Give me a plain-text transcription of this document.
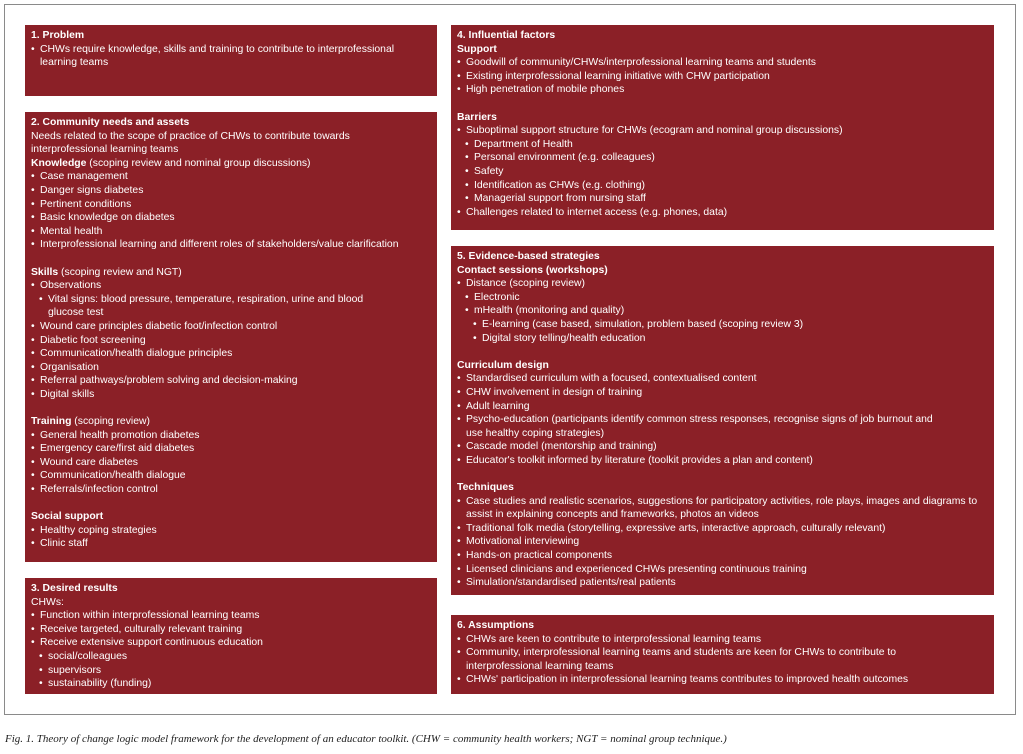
1. Problem
• CHWs require knowledge, skills and training to contribute to interprofessional learning teams
2. Community needs and assets
Needs related to the scope of practice of CHWs to contribute towards interprofessional learning teams
Knowledge (scoping review and nominal group discussions)
• Case management
• Danger signs diabetes
• Pertinent conditions
• Basic knowledge on diabetes
• Mental health
• Interprofessional learning and different roles of stakeholders/value clarification
Skills (scoping review and NGT)
• Observations
• Vital signs: blood pressure, temperature, respiration, urine and blood glucose test
• Wound care principles diabetic foot/infection control
• Diabetic foot screening
• Communication/health dialogue principles
• Organisation
• Referral pathways/problem solving and decision-making
• Digital skills
Training (scoping review)
• General health promotion diabetes
• Emergency care/first aid diabetes
• Wound care diabetes
• Communication/health dialogue
• Referrals/infection control
Social support
• Healthy coping strategies
• Clinic staff
3. Desired results
CHWs:
• Function within interprofessional learning teams
• Receive targeted, culturally relevant training
• Receive extensive support continuous education
• social/colleagues
• supervisors
• sustainability (funding)
4. Influential factors
Support
• Goodwill of community/CHWs/interprofessional learning teams and students
• Existing interprofessional learning initiative with CHW participation
• High penetration of mobile phones
Barriers
• Suboptimal support structure for CHWs (ecogram and nominal group discussions)
• Department of Health
• Personal environment (e.g. colleagues)
• Safety
• Identification as CHWs (e.g. clothing)
• Managerial support from nursing staff
• Challenges related to internet access (e.g. phones, data)
5. Evidence-based strategies
Contact sessions (workshops)
• Distance (scoping review)
• Electronic
• mHealth (monitoring and quality)
• E-learning (case based, simulation, problem based (scoping review 3)
• Digital story telling/health education
Curriculum design
• Standardised curriculum with a focused, contextualised content
• CHW involvement in design of training
• Adult learning
• Psycho-education (participants identify common stress responses, recognise signs of job burnout and use healthy coping strategies)
• Cascade model (mentorship and training)
• Educator's toolkit informed by literature (toolkit provides a plan and content)
Techniques
• Case studies and realistic scenarios, suggestions for participatory activities, role plays, images and diagrams to assist in explaining concepts and frameworks, photos an videos
• Traditional folk media (storytelling, expressive arts, interactive approach, culturally relevant)
• Motivational interviewing
• Hands-on practical components
• Licensed clinicians and experienced CHWs presenting continuous training
• Simulation/standardised patients/real patients
6. Assumptions
• CHWs are keen to contribute to interprofessional learning teams
• Community, interprofessional learning teams and students are keen for CHWs to contribute to interprofessional learning teams
• CHWs' participation in interprofessional learning teams contributes to improved health outcomes
Fig. 1. Theory of change logic model framework for the development of an educator toolkit. (CHW = community health workers; NGT = nominal group technique.)
